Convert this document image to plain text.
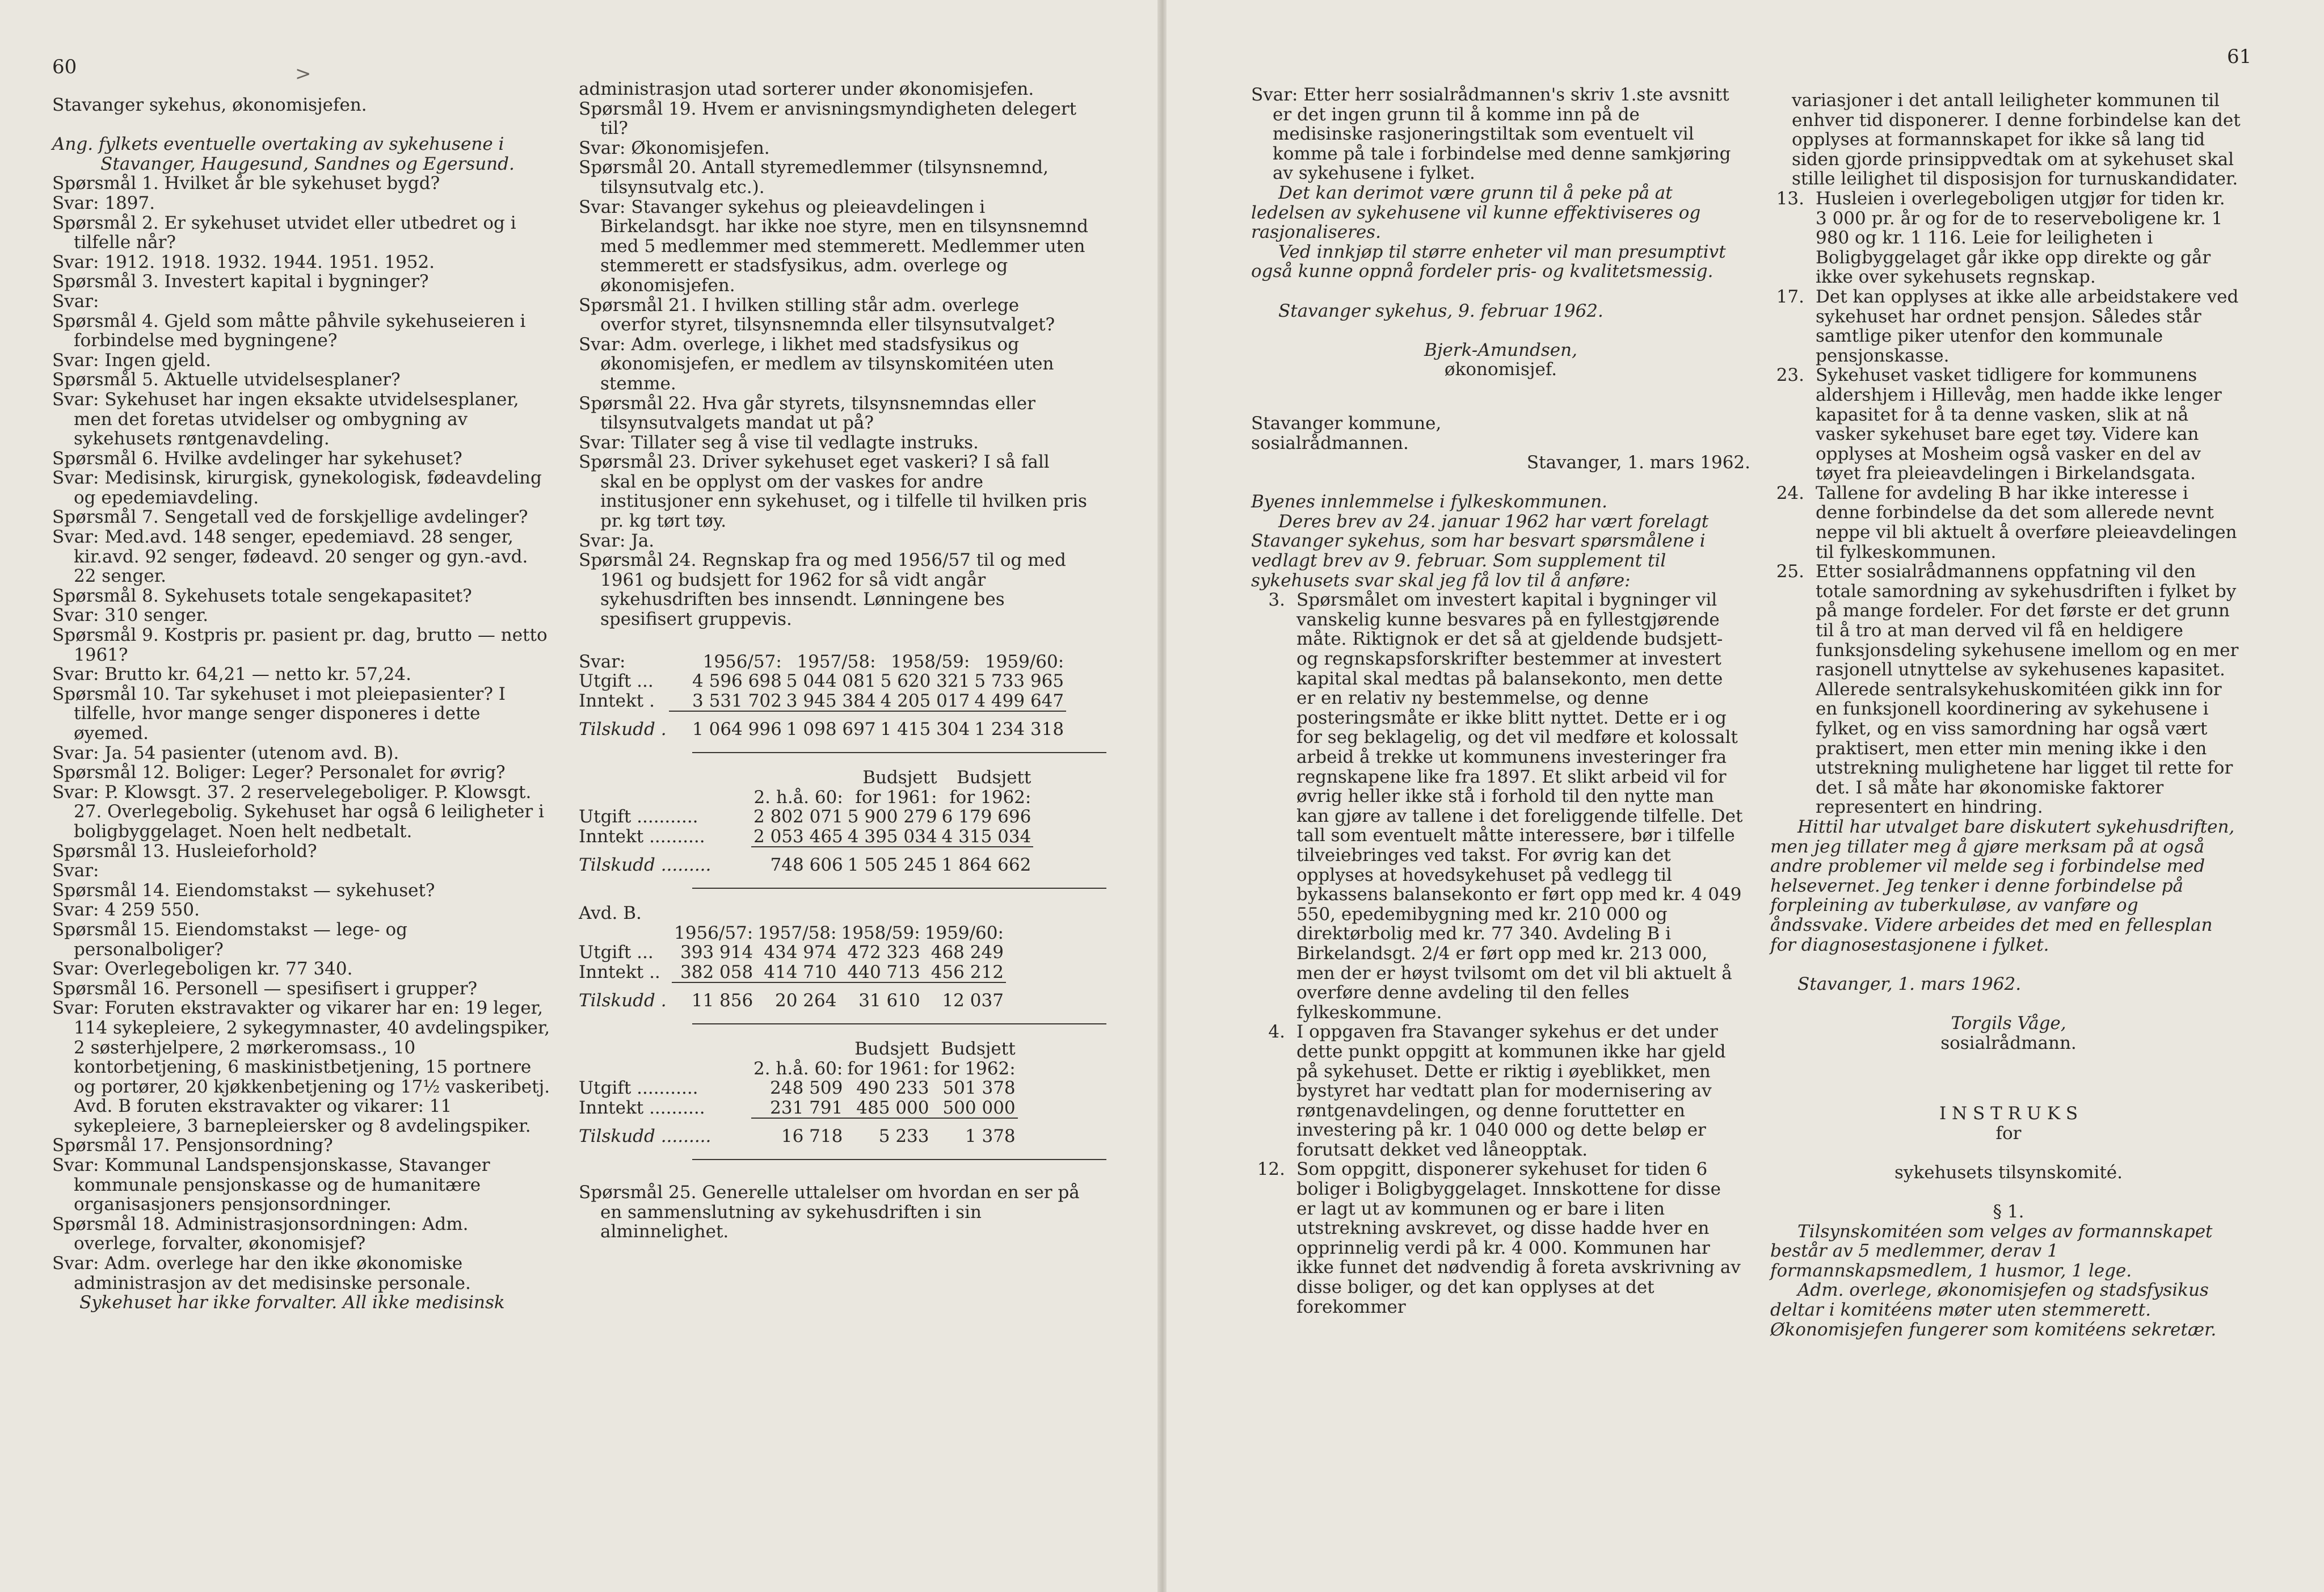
60	>
61
Stavanger sykehus, økonomisjefen.
Ang. fylkets eventuelle overtaking av sykehusene i
Stavanger, Haugesund, Sandnes og Egersund.
Spørsmål 1. Hvilket år ble sykehuset bygd?
Svar: 1897.
Spørsmål 2. Er sykehuset utvidet eller utbedret og i
tilfelle når?
Svar: 1912. 1918. 1932. 1944. 1951. 1952.
Spørsmål 3. Investert kapital i bygninger?
Svar:
Spørsmål 4. Gjeld som måtte påhvile sykehuseieren i
forbindelse med bygningene?
Svar: Ingen gjeld.
Spørsmål 5. Aktuelle utvidelsesplaner?
Svar: Sykehuset har ingen eksakte utvidelsesplaner,
men det foretas utvidelser og ombygning av
sykehusets røntgenavdeling.
Spørsmål 6. Hvilke avdelinger har sykehuset?
Svar: Medisinsk, kirurgisk, gynekologisk, fødeavdeling
og epedemiavdeling.
Spørsmål 7. Sengetall ved de forskjellige avdelinger?
Svar: Med.avd. 148 senger, epedemiavd. 28 senger,
kir.avd. 92 senger, fødeavd. 20 senger og gyn.-avd.
22 senger.
Spørsmål 8. Sykehusets totale sengekapasitet?
Svar: 310 senger.
Spørsmål 9. Kostpris pr. pasient pr. dag, brutto — netto
1961?
Svar: Brutto kr. 64,21 — netto kr. 57,24.
Spørsmål 10. Tar sykehuset i mot pleiepasienter? I
tilfelle, hvor mange senger disponeres i dette
øyemed.
Svar: Ja. 54 pasienter (utenom avd. B).
Spørsmål 12. Boliger: Leger? Personalet for øvrig?
Svar: P. Klowsgt. 37. 2 reservelegeboliger. P. Klowsgt.
27. Overlegebolig. Sykehuset har også 6 leiligheter i
boligbyggelaget. Noen helt nedbetalt.
Spørsmål 13. Husleieforhold?
Svar:
Spørsmål 14. Eiendomstakst — sykehuset?
Svar: 4 259 550.
Spørsmål 15. Eiendomstakst — lege- og
personalboliger?
Svar: Overlegeboligen kr. 77 340.
Spørsmål 16. Personell — spesifisert i grupper?
Svar: Foruten ekstravakter og vikarer har en: 19 leger,
114 sykepleiere, 2 sykegymnaster, 40 avdelingspiker,
2 søsterhjelpere, 2 mørkeromsass., 10
kontorbetjening, 6 maskinistbetjening, 15 portnere
og portører, 20 kjøkkenbetjening og 17½ vaskeribetj.
Avd. B foruten ekstravakter og vikarer: 11
sykepleiere, 3 barnepleiersker og 8 avdelingspiker.
Spørsmål 17. Pensjonsordning?
Svar: Kommunal Landspensjonskasse, Stavanger
kommunale pensjonskasse og de humanitære
organisasjoners pensjonsordninger.
Spørsmål 18. Administrasjonsordningen: Adm.
overlege, forvalter, økonomisjef?
Svar: Adm. overlege har den ikke økonomiske
administrasjon av det medisinske personale.
Sykehuset har ikke forvalter. All ikke medisinsk
administrasjon utad sorterer under økonomisjefen.
Spørsmål 19. Hvem er anvisningsmyndigheten delegert
til?
Svar: Økonomisjefen.
Spørsmål 20. Antall styremedlemmer (tilsynsnemnd,
tilsynsutvalg etc.).
Svar: Stavanger sykehus og pleieavdelingen i
Birkelandsgt. har ikke noe styre, men en tilsynsnemnd
med 5 medlemmer med stemmerett. Medlemmer uten
stemmerett er stadsfysikus, adm. overlege og
økonomisjefen.
Spørsmål 21. I hvilken stilling står adm. overlege
overfor styret, tilsynsnemnda eller tilsynsutvalget?
Svar: Adm. overlege, i likhet med stadsfysikus og
økonomisjefen, er medlem av tilsynskomitéen uten
stemme.
Spørsmål 22. Hva går styrets, tilsynsnemndas eller
tilsynsutvalgets mandat ut på?
Svar: Tillater seg å vise til vedlagte instruks.
Spørsmål 23. Driver sykehuset eget vaskeri? I så fall
skal en be opplyst om der vaskes for andre
institusjoner enn sykehuset, og i tilfelle til hvilken pris
pr. kg tørt tøy.
Svar: Ja.
Spørsmål 24. Regnskap fra og med 1956/57 til og med
1961 og budsjett for 1962 for så vidt angår
sykehusdriften bes innsendt. Lønningene bes
spesifisert gruppevis.
Svar:	1956/57:	1957/58:	1958/59:	1959/60:
Utgift ...	4 596 698	5 044 081	5 620 321	5 733 965
Inntekt .	3 531 702	3 945 384	4 205 017	4 499 647
Tilskudd .	1 064 996	1 098 697	1 415 304	1 234 318
		Budsjett	Budsjett
	2. h.å. 60:	for 1961:	for 1962:
Utgift ...........	2 802 071	5 900 279	6 179 696
Inntekt ..........	2 053 465	4 395 034	4 315 034
Tilskudd .........	748 606	1 505 245	1 864 662
Avd. B.
	1956/57:	1957/58:	1958/59:	1959/60:
Utgift ...	393 914	434 974	472 323	468 249
Inntekt ..	382 058	414 710	440 713	456 212
Tilskudd .	11 856	20 264	31 610	12 037
		Budsjett	Budsjett
	2. h.å. 60:	for 1961:	for 1962:
Utgift ...........	248 509	490 233	501 378
Inntekt ..........	231 791	485 000	500 000
Tilskudd .........	16 718	5 233	1 378
Spørsmål 25. Generelle uttalelser om hvordan en ser på
en sammenslutning av sykehusdriften i sin
alminnelighet.
Svar: Etter herr sosialrådmannen's skriv 1.ste avsnitt
er det ingen grunn til å komme inn på de
medisinske rasjoneringstiltak som eventuelt vil
komme på tale i forbindelse med denne samkjøring
av sykehusene i fylket.
Det kan derimot være grunn til å peke på at
ledelsen av sykehusene vil kunne effektiviseres og
rasjonaliseres.
Ved innkjøp til større enheter vil man presumptivt
også kunne oppnå fordeler pris- og kvalitetsmessig.
Stavanger sykehus, 9. februar 1962.
Bjerk-Amundsen,
økonomisjef.
Stavanger kommune,
sosialrådmannen.
Stavanger, 1. mars 1962.
Byenes innlemmelse i fylkeskommunen.
Deres brev av 24. januar 1962 har vært forelagt
Stavanger sykehus, som har besvart spørsmålene i
vedlagt brev av 9. februar. Som supplement til
sykehusets svar skal jeg få lov til å anføre:
3. Spørsmålet om investert kapital i bygninger vil
vanskelig kunne besvares på en fyllestgjørende
måte. Riktignok er det så at gjeldende budsjett-
og regnskapsforskrifter bestemmer at investert
kapital skal medtas på balansekonto, men dette
er en relativ ny bestemmelse, og denne
posteringsmåte er ikke blitt nyttet. Dette er i og
for seg beklagelig, og det vil medføre et kolossalt
arbeid å trekke ut kommunens investeringer fra
regnskapene like fra 1897. Et slikt arbeid vil for
øvrig heller ikke stå i forhold til den nytte man
kan gjøre av tallene i det foreliggende tilfelle. Det
tall som eventuelt måtte interessere, bør i tilfelle
tilveiebringes ved takst. For øvrig kan det
opplyses at hovedsykehuset på vedlegg til
bykassens balansekonto er ført opp med kr. 4 049
550, epedemibygning med kr. 210 000 og
direktørbolig med kr. 77 340. Avdeling B i
Birkelandsgt. 2/4 er ført opp med kr. 213 000,
men der er høyst tvilsomt om det vil bli aktuelt å
overføre denne avdeling til den felles
fylkeskommune.
4. I oppgaven fra Stavanger sykehus er det under
dette punkt oppgitt at kommunen ikke har gjeld
på sykehuset. Dette er riktig i øyeblikket, men
bystyret har vedtatt plan for modernisering av
røntgenavdelingen, og denne foruttetter en
investering på kr. 1 040 000 og dette beløp er
forutsatt dekket ved låneopptak.
12. Som oppgitt, disponerer sykehuset for tiden 6
boliger i Boligbyggelaget. Innskottene for disse
er lagt ut av kommunen og er bare i liten
utstrekning avskrevet, og disse hadde hver en
opprinnelig verdi på kr. 4 000. Kommunen har
ikke funnet det nødvendig å foreta avskrivning av
disse boliger, og det kan opplyses at det
forekommer
variasjoner i det antall leiligheter kommunen til
enhver tid disponerer. I denne forbindelse kan det
opplyses at formannskapet for ikke så lang tid
siden gjorde prinsippvedtak om at sykehuset skal
stille leilighet til disposisjon for turnuskandidater.
13. Husleien i overlegeboligen utgjør for tiden kr.
3 000 pr. år og for de to reserveboligene kr. 1
980 og kr. 1 116. Leie for leiligheten i
Boligbyggelaget går ikke opp direkte og går
ikke over sykehusets regnskap.
17. Det kan opplyses at ikke alle arbeidstakere ved
sykehuset har ordnet pensjon. Således står
samtlige piker utenfor den kommunale
pensjonskasse.
23. Sykehuset vasket tidligere for kommunens
aldershjem i Hillevåg, men hadde ikke lenger
kapasitet for å ta denne vasken, slik at nå
vasker sykehuset bare eget tøy. Videre kan
opplyses at Mosheim også vasker en del av
tøyet fra pleieavdelingen i Birkelandsgata.
24. Tallene for avdeling B har ikke interesse i
denne forbindelse da det som allerede nevnt
neppe vil bli aktuelt å overføre pleieavdelingen
til fylkeskommunen.
25. Etter sosialrådmannens oppfatning vil den
totale samordning av sykehusdriften i fylket by
på mange fordeler. For det første er det grunn
til å tro at man derved vil få en heldigere
funksjonsdeling sykehusene imellom og en mer
rasjonell utnyttelse av sykehusenes kapasitet.
Allerede sentralsykehuskomitéen gikk inn for
en funksjonell koordinering av sykehusene i
fylket, og en viss samordning har også vært
praktisert, men etter min mening ikke i den
utstrekning mulighetene har ligget til rette for
det. I så måte har økonomiske faktorer
representert en hindring.
Hittil har utvalget bare diskutert sykehusdriften,
men jeg tillater meg å gjøre merksam på at også
andre problemer vil melde seg i forbindelse med
helsevernet. Jeg tenker i denne forbindelse på
forpleining av tuberkuløse, av vanføre og
åndssvake. Videre arbeides det med en fellesplan
for diagnosestasjonene i fylket.
Stavanger, 1. mars 1962.
Torgils Våge,
sosialrådmann.
I N S T R U K S
for
sykehusets tilsynskomité.
§ 1.
Tilsynskomitéen som velges av formannskapet
består av 5 medlemmer, derav 1
formannskapsmedlem, 1 husmor, 1 lege.
Adm. overlege, økonomisjefen og stadsfysikus
deltar i komitéens møter uten stemmerett.
Økonomisjefen fungerer som komitéens sekretær.
